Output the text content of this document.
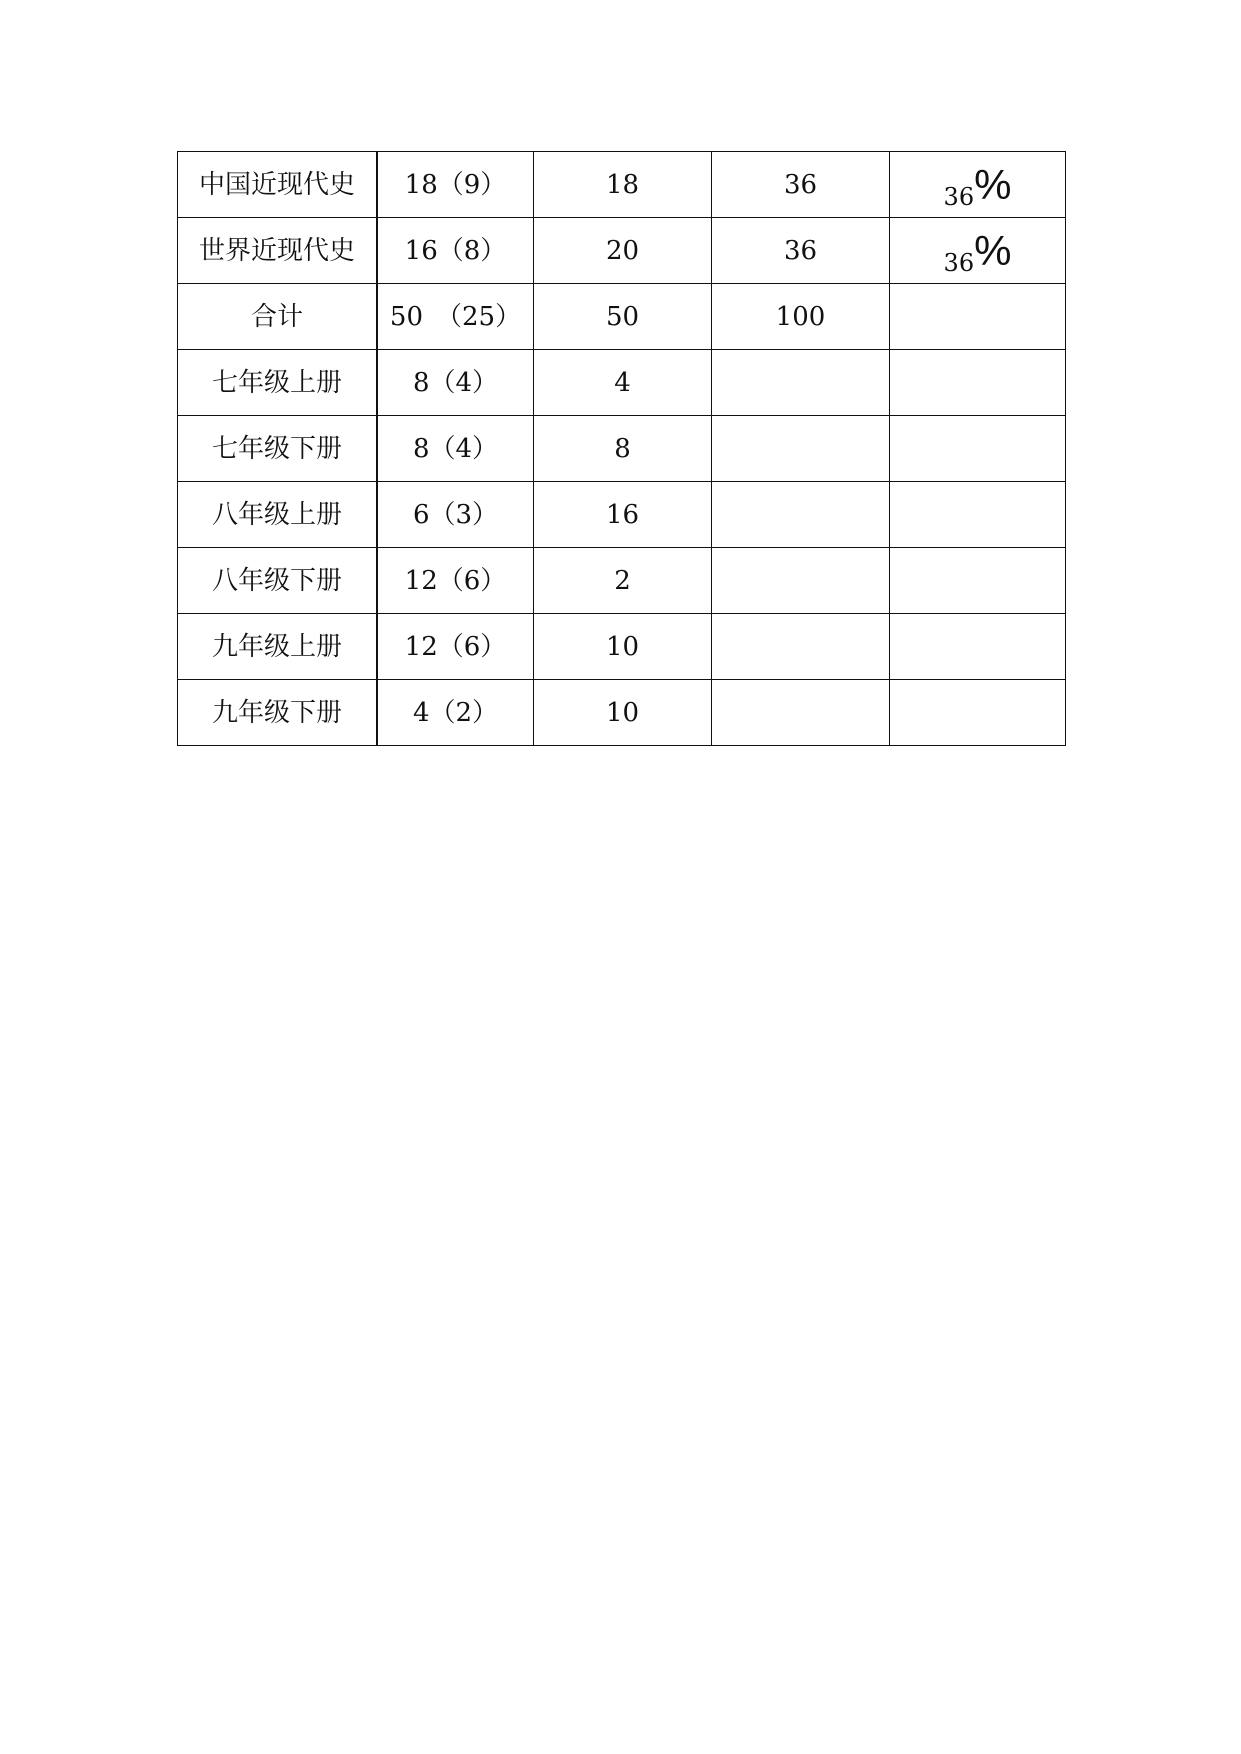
中国近现代史	18（9）	18	36	36%
世界近现代史	16（8）	20	36	36%
合计	50　（25）	50	100	
七年级上册	8（4）	4		
七年级下册	8（4）	8		
八年级上册	6（3）	16		
八年级下册	12（6）	2		
九年级上册	12（6）	10		
九年级下册	4（2）	10		
